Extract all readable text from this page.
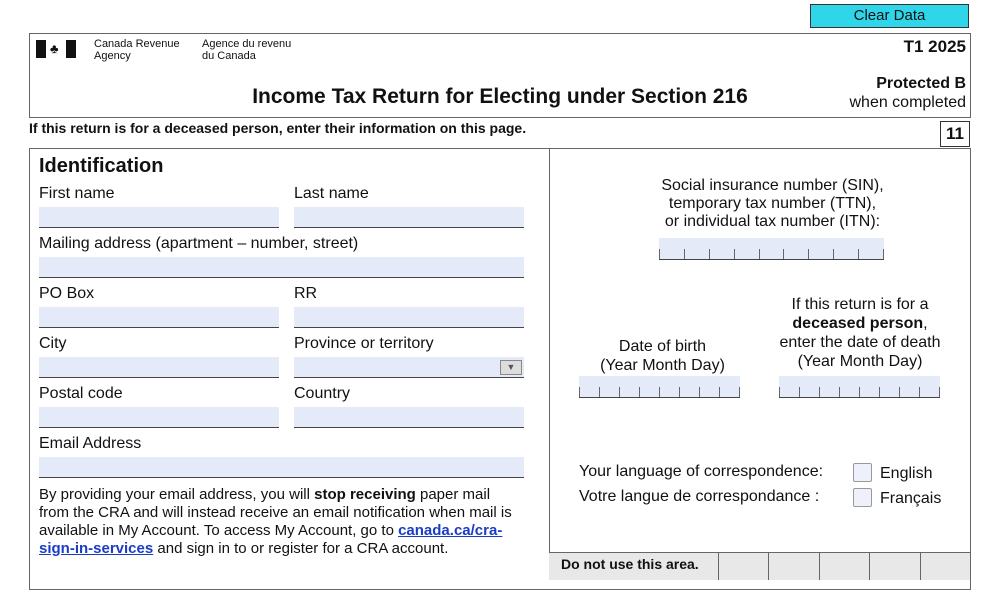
Clear Data
♣	Canada Revenue
Agency
Agence du revenu
du Canada	T1 2025
Income Tax Return for Electing under Section 216
Protected B
when completed
If this return is for a deceased person, enter their information on this page.	11
Identification
First name	Last name
Mailing address (apartment – number, street)
PO Box	RR
City	Province or territory
▼
Postal code	Country
Email Address
By providing your email address, you will stop receiving paper mail from the CRA and will instead receive an email notification when mail is available in My Account. To access My Account, go to canada.ca/cra-sign-in-services and sign in to or register for a CRA account.
Social insurance number (SIN),
temporary tax number (TTN),
or individual tax number (ITN):
Date of birth
(Year Month Day)
If this return is for a
deceased person,
enter the date of death
(Year Month Day)
Your language of correspondence:
Votre langue de correspondance :
English
Français
Do not use this area.
